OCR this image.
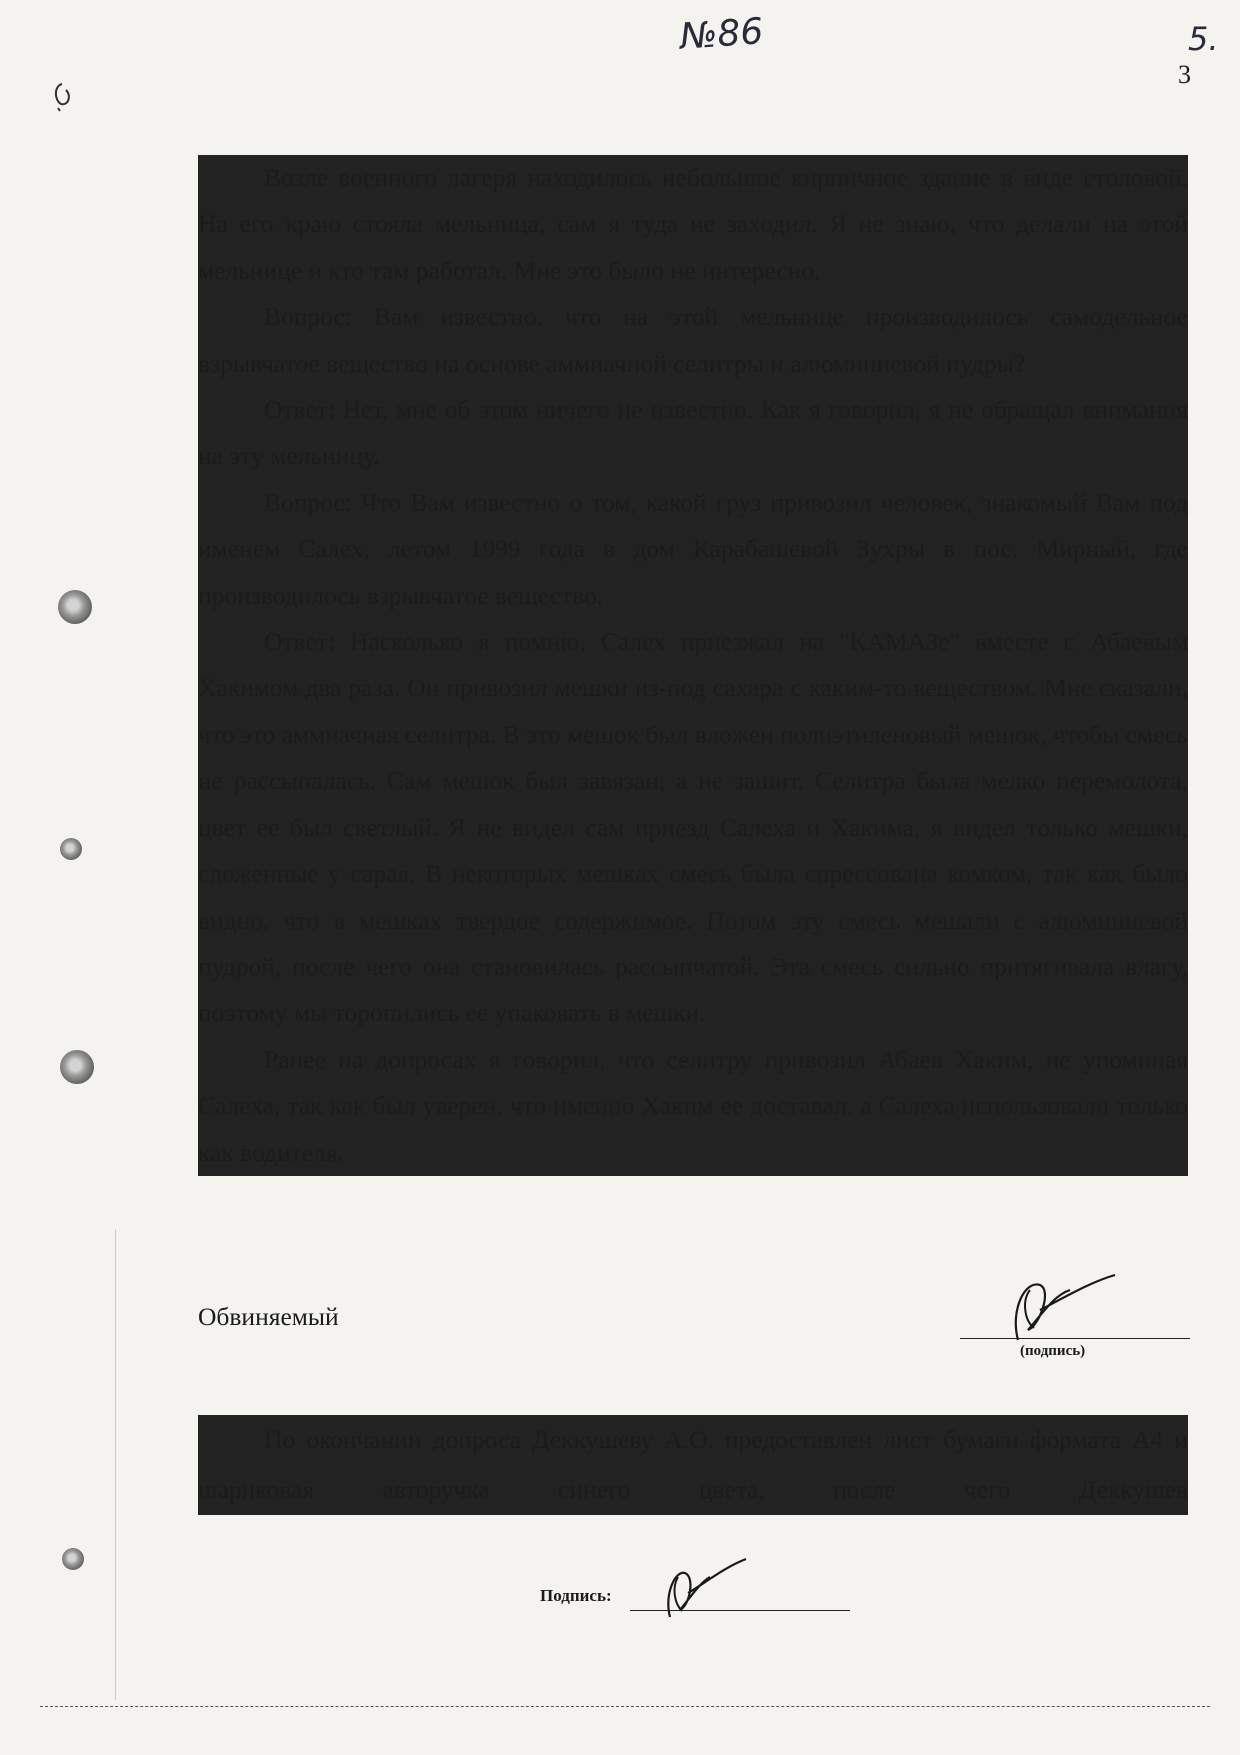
№86	5.
3

Возле военного лагеря находилось небольшое кирпичное здание в виде столовой. На его краю стояла мельница, сам я туда не заходил. Я не знаю, что делали на этой мельнице и кто там работал. Мне это было не интересно.

Вопрос: Вам известно, что на этой мельнице производилось самодельное взрывчатое вещество на основе аммиачной селитры и алюминиевой пудры?

Ответ: Нет, мне об этом ничего не известно. Как я говорил, я не обращал внимания на эту мельницу.

Вопрос: Что Вам известно о том, какой груз привозил человек, знакомый Вам под именем Салех, летом 1999 года в дом Карабашевой Зухры в пос. Мирный, где производилось взрывчатое вещество.

Ответ: Насколько я помню, Салех приезжал на "КАМАЗе" вместе с Абаевым Хакимом два раза. Он привозил мешки из-под сахара с каким-то веществом. Мне сказали, что это аммиачная селитра. В это мешок был вложен полиэтиленовый мешок, чтобы смесь не рассыпалась. Сам мешок был завязан, а не зашит. Селитра была мелко перемолота, цвет ее был светлый. Я не видел сам приезд Салеха и Хакима, я видел только мешки, сложенные у сарая. В некоторых мешках смесь была спрессована комком, так как было видно, что в мешках твердое содержимое. Потом эту смесь мешали с алюминиевой пудрой, после чего она становилась рассыпчатой. Эта смесь сильно притягивала влагу, поэтому мы торопились ее упаковать в мешки.

Ранее на допросах я говорил, что селитру привозил Абаев Хаким, не упоминая Салеха, так как был уверен, что именно Хаким ее доставал, а Салеха использовали только как водителя.

Обвиняемый
(подпись)

По окончании допроса Деккушеву А.О. предоставлен лист бумаги формата А4 и шариковая авторучка синего цвета, после чего Деккушев

Подпись:
